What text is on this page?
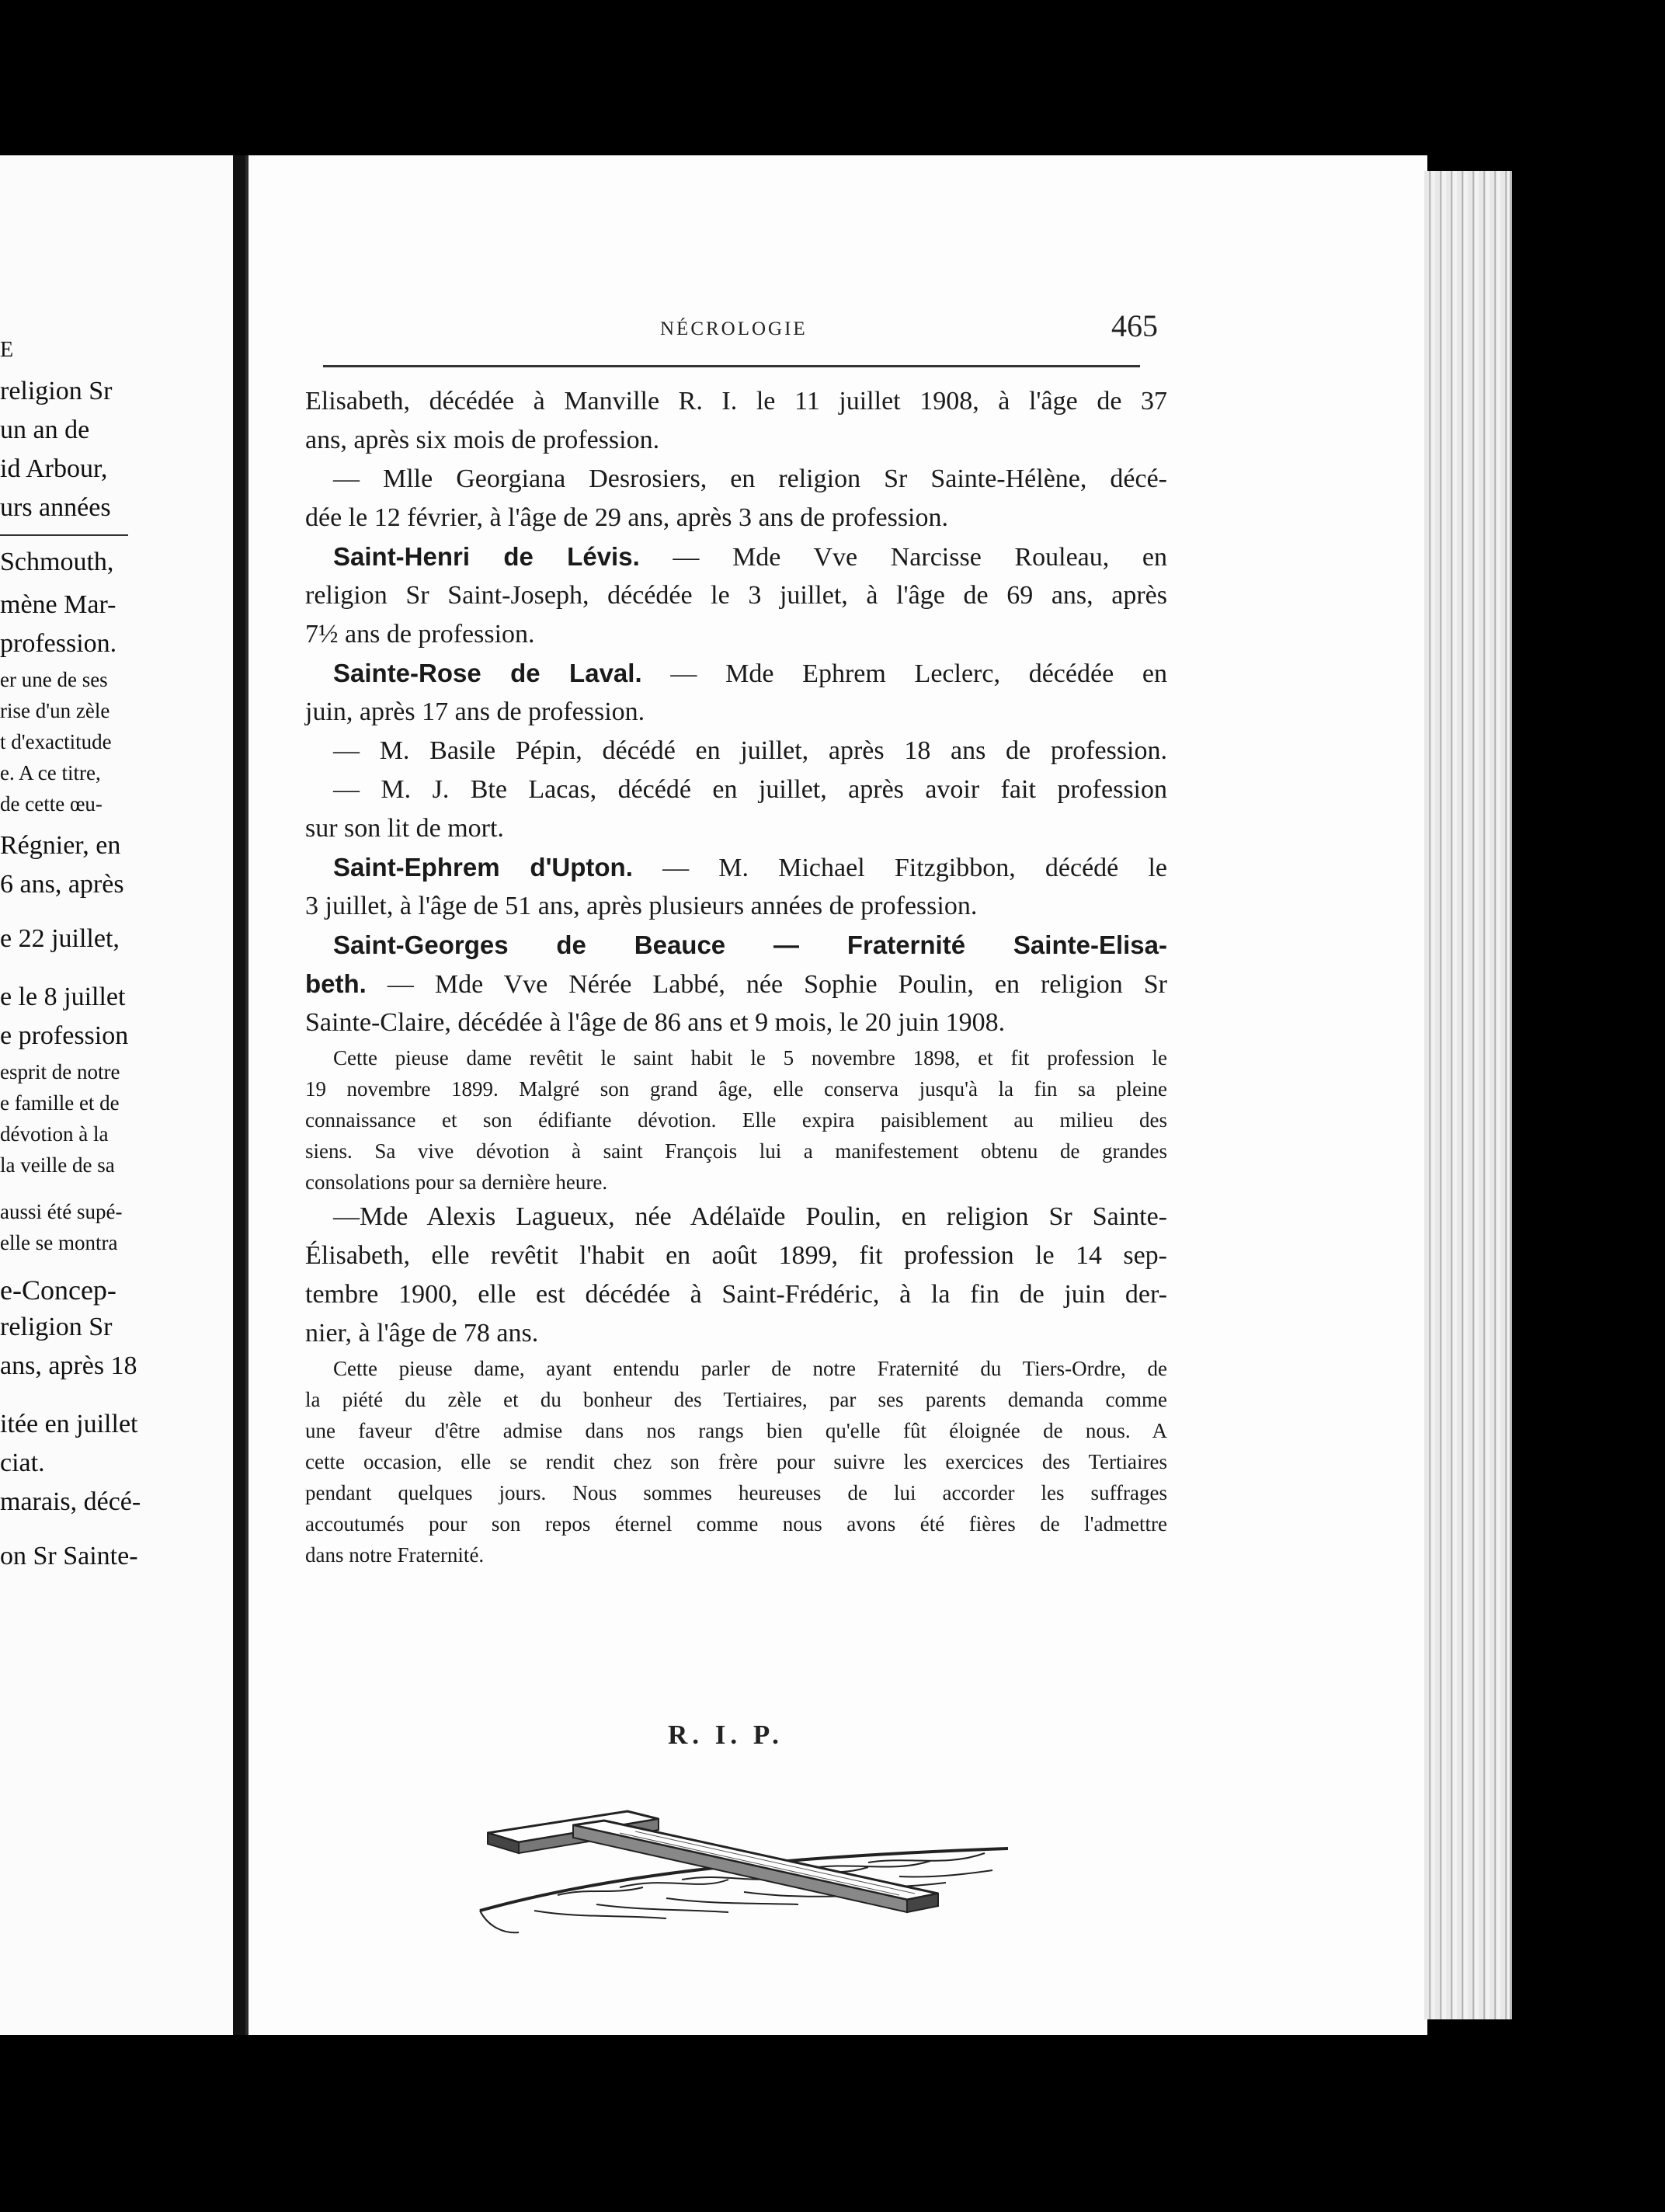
E
religion Sr
un an de
id Arbour,
urs années
Schmouth,
mène Mar-
profession.
er une de ses
rise d'un zèle
t d'exactitude
e. A ce titre,
de cette œu-
Régnier, en
6 ans, après
e 22 juillet,
e le 8 juillet
e profession
esprit de notre
e famille et de
dévotion à la
la veille de sa
aussi été supé-
elle se montra
e-Concep-
religion Sr
ans, après 18
itée en juillet
ciat.
marais, décé-
on Sr Sainte-
NÉCROLOGIE	465
Elisabeth, décédée à Manville R. I. le 11 juillet 1908, à l'âge de 37
ans, après six mois de profession.
— Mlle Georgiana Desrosiers, en religion Sr Sainte-Hélène, décé-
dée le 12 février, à l'âge de 29 ans, après 3 ans de profession.
Saint-Henri de Lévis. — Mde Vve Narcisse Rouleau, en
religion Sr Saint-Joseph, décédée le 3 juillet, à l'âge de 69 ans, après
7½ ans de profession.
Sainte-Rose de Laval. — Mde Ephrem Leclerc, décédée en
juin, après 17 ans de profession.
— M. Basile Pépin, décédé en juillet, après 18 ans de profession.
— M. J. Bte Lacas, décédé en juillet, après avoir fait profession
sur son lit de mort.
Saint-Ephrem d'Upton. — M. Michael Fitzgibbon, décédé le
3 juillet, à l'âge de 51 ans, après plusieurs années de profession.
Saint-Georges de Beauce — Fraternité Sainte-Elisa-
beth. — Mde Vve Nérée Labbé, née Sophie Poulin, en religion Sr
Sainte-Claire, décédée à l'âge de 86 ans et 9 mois, le 20 juin 1908.
Cette pieuse dame revêtit le saint habit le 5 novembre 1898, et fit profession le
19 novembre 1899. Malgré son grand âge, elle conserva jusqu'à la fin sa pleine
connaissance et son édifiante dévotion. Elle expira paisiblement au milieu des
siens. Sa vive dévotion à saint François lui a manifestement obtenu de grandes
consolations pour sa dernière heure.
—Mde Alexis Lagueux, née Adélaïde Poulin, en religion Sr Sainte-
Élisabeth, elle revêtit l'habit en août 1899, fit profession le 14 sep-
tembre 1900, elle est décédée à Saint-Frédéric, à la fin de juin der-
nier, à l'âge de 78 ans.
Cette pieuse dame, ayant entendu parler de notre Fraternité du Tiers-Ordre, de
la piété du zèle et du bonheur des Tertiaires, par ses parents demanda comme
une faveur d'être admise dans nos rangs bien qu'elle fût éloignée de nous. A
cette occasion, elle se rendit chez son frère pour suivre les exercices des Tertiaires
pendant quelques jours. Nous sommes heureuses de lui accorder les suffrages
accoutumés pour son repos éternel comme nous avons été fières de l'admettre
dans notre Fraternité.
R. I. P.
